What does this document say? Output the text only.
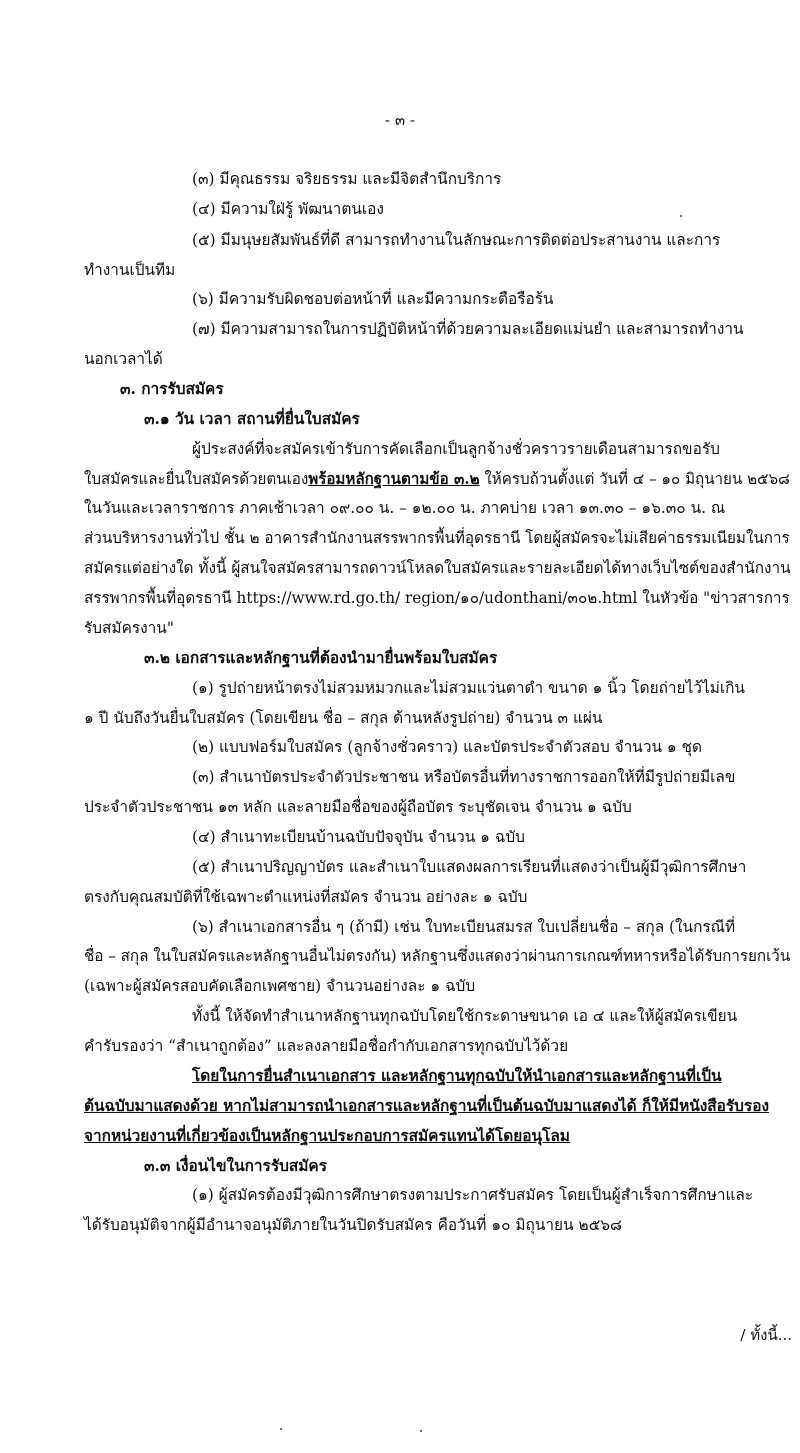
- ๓ -
(๓) มีคุณธรรม จริยธรรม และมีจิตสำนึกบริการ
(๔) มีความใฝ่รู้ พัฒนาตนเอง
(๕) มีมนุษยสัมพันธ์ที่ดี สามารถทำงานในลักษณะการติดต่อประสานงาน และการ
ทำงานเป็นทีม
(๖) มีความรับผิดชอบต่อหน้าที่ และมีความกระตือรือร้น
(๗) มีความสามารถในการปฏิบัติหน้าที่ด้วยความละเอียดแม่นยำ และสามารถทำงาน
นอกเวลาได้
๓. การรับสมัคร
๓.๑ วัน เวลา สถานที่ยื่นใบสมัคร
ผู้ประสงค์ที่จะสมัครเข้ารับการคัดเลือกเป็นลูกจ้างชั่วคราวรายเดือนสามารถขอรับ
ใบสมัครและยื่นใบสมัครด้วยตนเองพร้อมหลักฐานตามข้อ ๓.๒ ให้ครบถ้วนตั้งแต่ วันที่ ๔ – ๑๐ มิถุนายน ๒๕๖๘
ในวันและเวลาราชการ ภาคเช้าเวลา ๐๙.๐๐ น. – ๑๒.๐๐ น. ภาคบ่าย เวลา ๑๓.๓๐ – ๑๖.๓๐ น. ณ
ส่วนบริหารงานทั่วไป ชั้น ๒ อาคารสำนักงานสรรพากรพื้นที่อุดรธานี โดยผู้สมัครจะไม่เสียค่าธรรมเนียมในการ
สมัครแต่อย่างใด ทั้งนี้ ผู้สนใจสมัครสามารถดาวน์โหลดใบสมัครและรายละเอียดได้ทางเว็บไซต์ของสำนักงาน
สรรพากรพื้นที่อุดรธานี https://www.rd.go.th/ region/๑๐/udonthani/๓๐๒.html ในหัวข้อ "ข่าวสารการ
รับสมัครงาน"
๓.๒ เอกสารและหลักฐานที่ต้องนำมายื่นพร้อมใบสมัคร
(๑) รูปถ่ายหน้าตรงไม่สวมหมวกและไม่สวมแว่นตาดำ ขนาด ๑ นิ้ว โดยถ่ายไว้ไม่เกิน
๑ ปี นับถึงวันยื่นใบสมัคร (โดยเขียน ชื่อ – สกุล ด้านหลังรูปถ่าย) จำนวน ๓ แผ่น
(๒) แบบฟอร์มใบสมัคร (ลูกจ้างชั่วคราว) และบัตรประจำตัวสอบ จำนวน ๑ ชุด
(๓) สำเนาบัตรประจำตัวประชาชน หรือบัตรอื่นที่ทางราชการออกให้ที่มีรูปถ่ายมีเลข
ประจำตัวประชาชน ๑๓ หลัก และลายมือชื่อของผู้ถือบัตร ระบุชัดเจน จำนวน ๑ ฉบับ
(๔) สำเนาทะเบียนบ้านฉบับปัจจุบัน จำนวน ๑ ฉบับ
(๕) สำเนาปริญญาบัตร และสำเนาใบแสดงผลการเรียนที่แสดงว่าเป็นผู้มีวุฒิการศึกษา
ตรงกับคุณสมบัติที่ใช้เฉพาะตำแหน่งที่สมัคร จำนวน อย่างละ ๑ ฉบับ
(๖) สำเนาเอกสารอื่น ๆ (ถ้ามี) เช่น ใบทะเบียนสมรส ใบเปลี่ยนชื่อ – สกุล (ในกรณีที่
ชื่อ – สกุล ในใบสมัครและหลักฐานอื่นไม่ตรงกัน) หลักฐานซึ่งแสดงว่าผ่านการเกณฑ์ทหารหรือได้รับการยกเว้น
(เฉพาะผู้สมัครสอบคัดเลือกเพศชาย) จำนวนอย่างละ ๑ ฉบับ
ทั้งนี้ ให้จัดทำสำเนาหลักฐานทุกฉบับโดยใช้กระดาษขนาด เอ ๔ และให้ผู้สมัครเขียน
คำรับรองว่า “สำเนาถูกต้อง” และลงลายมือชื่อกำกับเอกสารทุกฉบับไว้ด้วย
โดยในการยื่นสำเนาเอกสาร และหลักฐานทุกฉบับให้นำเอกสารและหลักฐานที่เป็น
ต้นฉบับมาแสดงด้วย หากไม่สามารถนำเอกสารและหลักฐานที่เป็นต้นฉบับมาแสดงได้ ก็ให้มีหนังสือรับรอง
จากหน่วยงานที่เกี่ยวข้องเป็นหลักฐานประกอบการสมัครแทนได้โดยอนุโลม
๓.๓ เงื่อนไขในการรับสมัคร
(๑) ผู้สมัครต้องมีวุฒิการศึกษาตรงตามประกาศรับสมัคร โดยเป็นผู้สำเร็จการศึกษาและ
ได้รับอนุมัติจากผู้มีอำนาจอนุมัติภายในวันปิดรับสมัคร คือวันที่ ๑๐ มิถุนายน ๒๕๖๘
/ ทั้งนี้...
